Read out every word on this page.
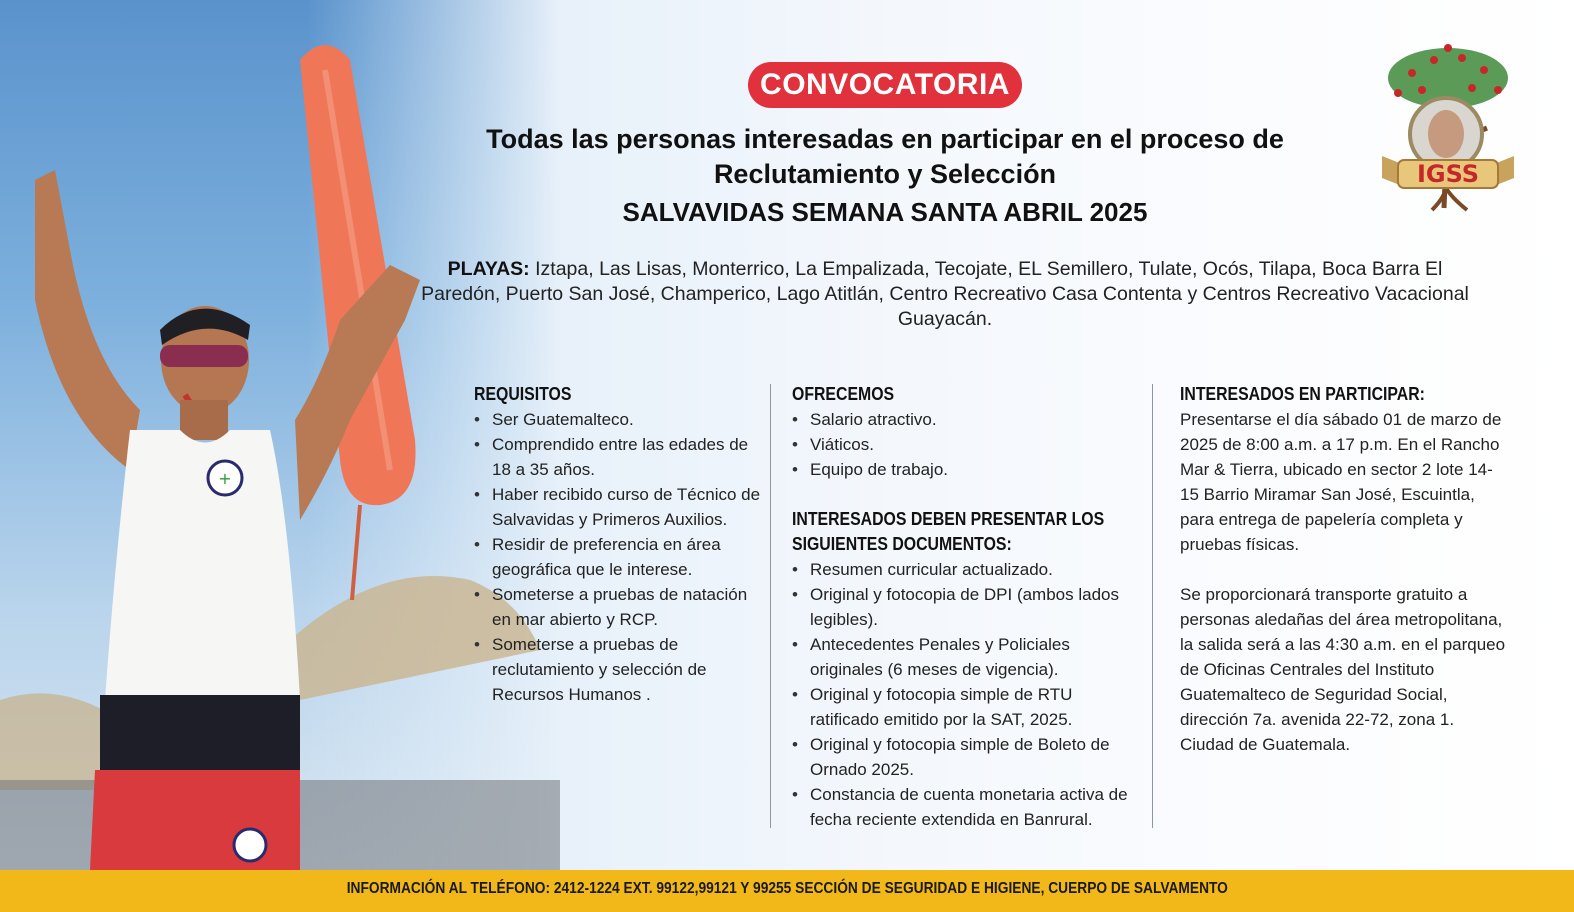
+
CONVOCATORIA
Todas las personas interesadas en participar en el proceso de
Reclutamiento y Selección
SALVAVIDAS SEMANA SANTA ABRIL 2025
PLAYAS: Iztapa, Las Lisas, Monterrico, La Empalizada, Tecojate, EL Semillero, Tulate, Ocós, Tilapa, Boca Barra El Paredón, Puerto San José, Champerico, Lago Atitlán, Centro Recreativo Casa Contenta y Centros Recreativo Vacacional Guayacán.
REQUISITOS
• Ser Guatemalteco.
• Comprendido entre las edades de 18 a 35 años.
• Haber recibido curso de Técnico de Salvavidas y Primeros Auxilios.
• Residir de preferencia en área geográfica que le interese.
• Someterse a pruebas de natación en mar abierto y RCP.
• Someterse a pruebas de reclutamiento y selección de Recursos Humanos .
OFRECEMOS
• Salario atractivo.
• Viáticos.
• Equipo de trabajo.
INTERESADOS DEBEN PRESENTAR LOS
SIGUIENTES DOCUMENTOS:
• Resumen curricular actualizado.
• Original y fotocopia de DPI (ambos lados legibles).
• Antecedentes Penales y Policiales originales (6 meses de vigencia).
• Original y fotocopia simple de RTU ratificado emitido por la SAT, 2025.
• Original y fotocopia simple de Boleto de Ornado 2025.
• Constancia de cuenta monetaria activa de fecha reciente extendida en Banrural.
INTERESADOS EN PARTICIPAR:

Presentarse el día sábado 01 de marzo de 2025 de 8:00 a.m. a 17 p.m. En el Rancho Mar & Tierra, ubicado en sector 2 lote 14-15 Barrio Miramar San José, Escuintla, para entrega de papelería completa y pruebas físicas.

Se proporcionará transporte gratuito a personas aledañas del área metropolitana, la salida será a las 4:30 a.m. en el parqueo de Oficinas Centrales del Instituto Guatemalteco de Seguridad Social, dirección 7a. avenida 22-72, zona 1. Ciudad de Guatemala.

IGSS
INFORMACIÓN AL TELÉFONO: 2412-1224 EXT. 99122,99121 Y 99255 SECCIÓN DE SEGURIDAD E HIGIENE, CUERPO DE SALVAMENTO
